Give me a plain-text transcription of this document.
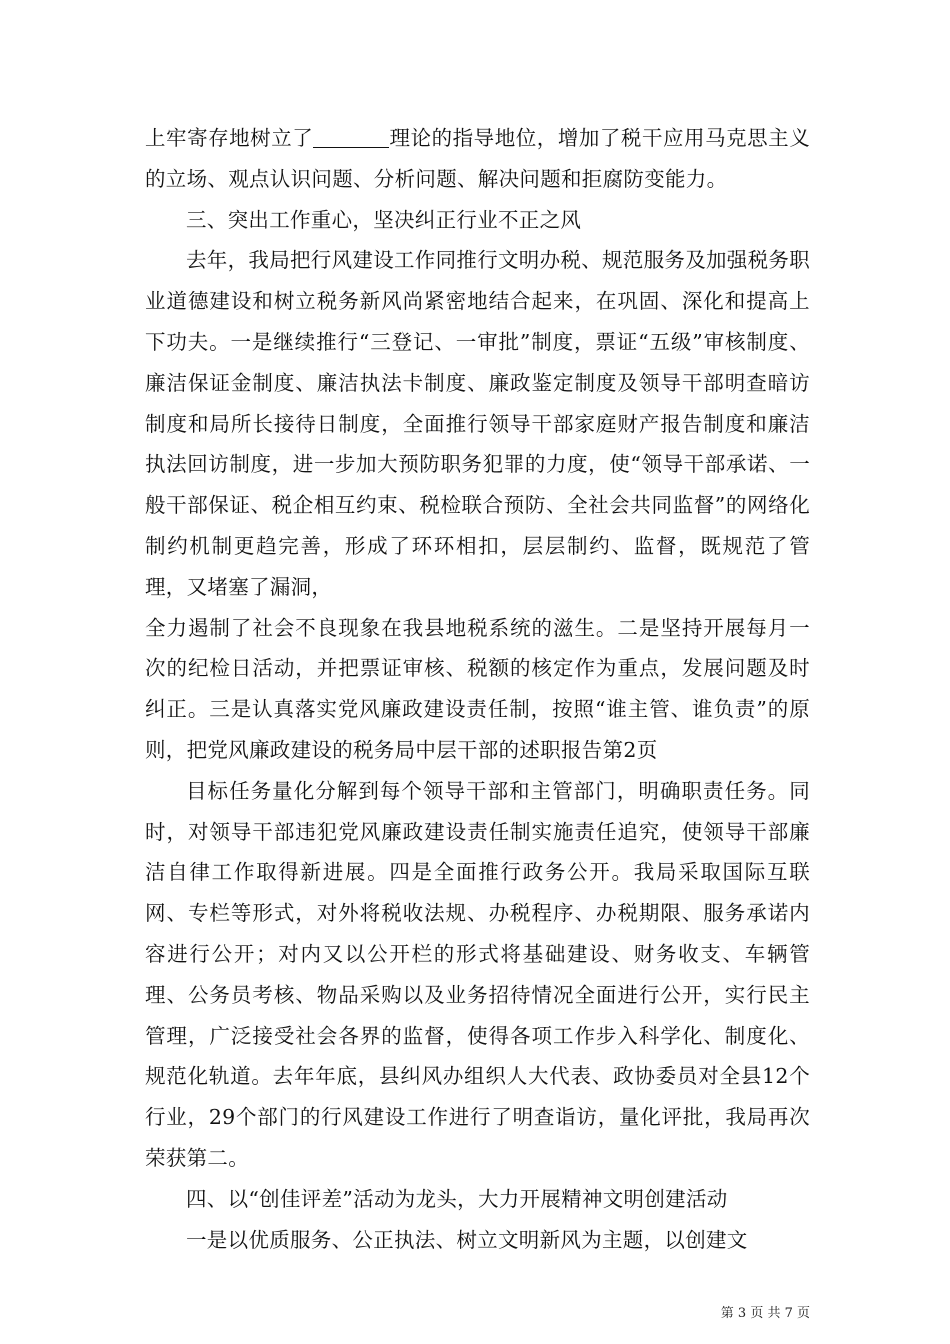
上牢寄存地树立了	理论的指导地位，增加了税干应用马克思主义的立场、观点认识问题、分析问题、解决问题和拒腐防变能力。

三、突出工作重心，坚决纠正行业不正之风

去年，我局把行风建设工作同推行文明办税、规范服务及加强税务职业道德建设和树立税务新风尚紧密地结合起来，在巩固、深化和提高上下功夫。一是继续推行“三登记、一审批”制度，票证“五级”审核制度、廉洁保证金制度、廉洁执法卡制度、廉政鉴定制度及领导干部明查暗访制度和局所长接待日制度，全面推行领导干部家庭财产报告制度和廉洁执法回访制度，进一步加大预防职务犯罪的力度，使“领导干部承诺、一般干部保证、税企相互约束、税检联合预防、全社会共同监督”的网络化制约机制更趋完善，形成了环环相扣，层层制约、监督，既规范了管理，又堵塞了漏洞，

全力遏制了社会不良现象在我县地税系统的滋生。二是坚持开展每月一次的纪检日活动，并把票证审核、税额的核定作为重点，发展问题及时纠正。三是认真落实党风廉政建设责任制，按照“谁主管、谁负责”的原则，把党风廉政建设的税务局中层干部的述职报告第2页

目标任务量化分解到每个领导干部和主管部门，明确职责任务。同时，对领导干部违犯党风廉政建设责任制实施责任追究，使领导干部廉洁自律工作取得新进展。四是全面推行政务公开。我局采取国际互联网、专栏等形式，对外将税收法规、办税程序、办税期限、服务承诺内容进行公开；对内又以公开栏的形式将基础建设、财务收支、车辆管理、公务员考核、物品采购以及业务招待情况全面进行公开，实行民主管理，广泛接受社会各界的监督，使得各项工作步入科学化、制度化、规范化轨道。去年年底，县纠风办组织人大代表、政协委员对全县12个行业，29个部门的行风建设工作进行了明查诣访，量化评批，我局再次荣获第二。

四、以“创佳评差”活动为龙头，大力开展精神文明创建活动

一是以优质服务、公正执法、树立文明新风为主题，以创建文

第 3 页 共 7 页
